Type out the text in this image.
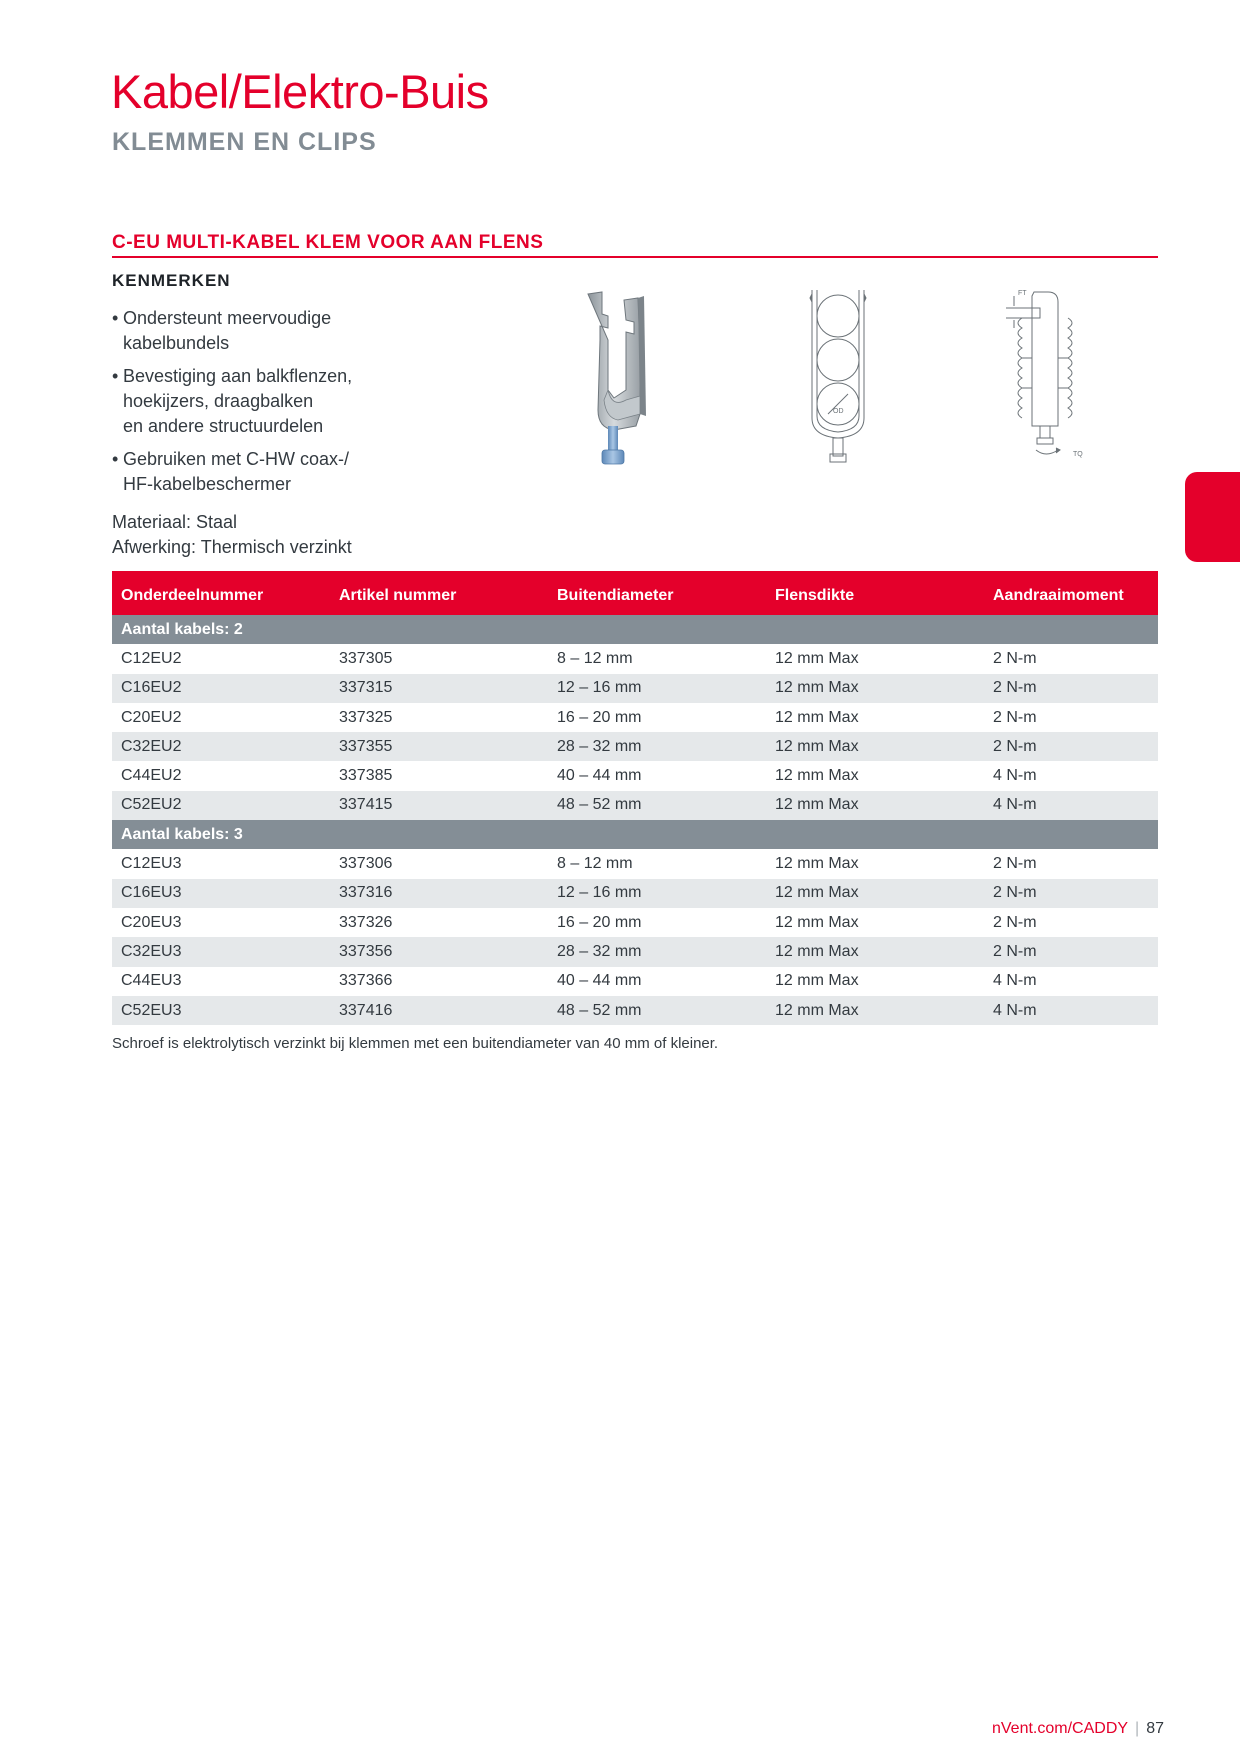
Kabel/Elektro-Buis
KLEMMEN EN CLIPS
C-EU MULTI-KABEL KLEM VOOR AAN FLENS
KENMERKEN
• Ondersteunt meervoudige
kabelbundels
• Bevestiging aan balkflenzen,
hoekijzers, draagbalken
en andere structuurdelen
• Gebruiken met C-HW coax-/
HF-kabelbeschermer
Materiaal: Staal
Afwerking: Thermisch verzinkt
OD
FT
TQ
Onderdeelnummer	Artikel nummer	Buitendiameter	Flensdikte	Aandraaimoment
Aantal kabels: 2				
C12EU2	337305	8 – 12 mm	12 mm Max	2 N-m
C16EU2	337315	12 – 16 mm	12 mm Max	2 N-m
C20EU2	337325	16 – 20 mm	12 mm Max	2 N-m
C32EU2	337355	28 – 32 mm	12 mm Max	2 N-m
C44EU2	337385	40 – 44 mm	12 mm Max	4 N-m
C52EU2	337415	48 – 52 mm	12 mm Max	4 N-m
Aantal kabels: 3				
C12EU3	337306	8 – 12 mm	12 mm Max	2 N-m
C16EU3	337316	12 – 16 mm	12 mm Max	2 N-m
C20EU3	337326	16 – 20 mm	12 mm Max	2 N-m
C32EU3	337356	28 – 32 mm	12 mm Max	2 N-m
C44EU3	337366	40 – 44 mm	12 mm Max	4 N-m
C52EU3	337416	48 – 52 mm	12 mm Max	4 N-m
Schroef is elektrolytisch verzinkt bij klemmen met een buitendiameter van 40 mm of kleiner.
nVent.com/CADDY | 87
